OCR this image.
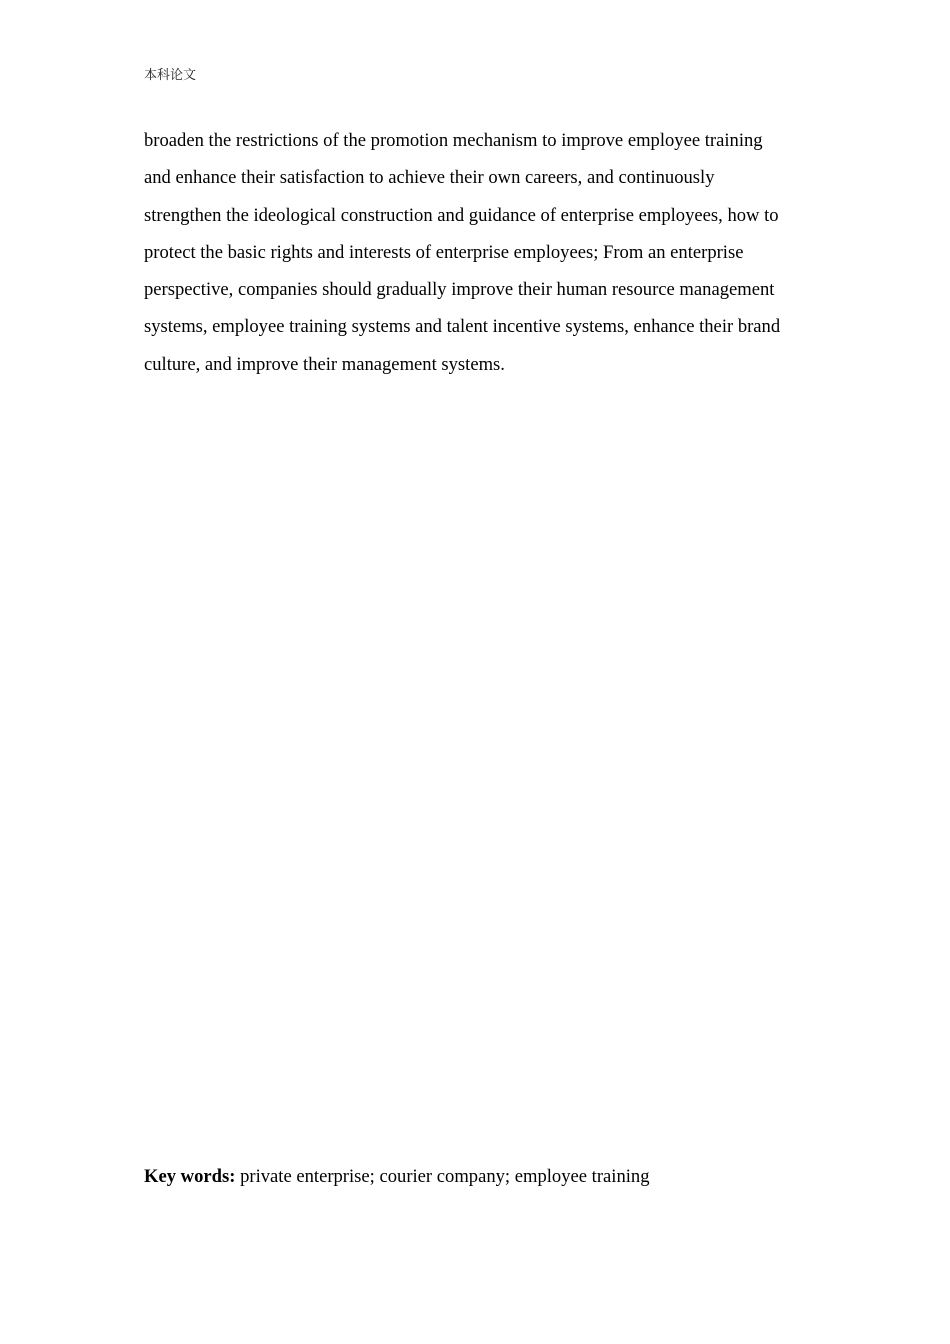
本科论文

broaden the restrictions of the promotion mechanism to improve employee training
and enhance their satisfaction to achieve their own careers, and continuously
strengthen the ideological construction and guidance of enterprise employees, how to
protect the basic rights and interests of enterprise employees; From an enterprise
perspective, companies should gradually improve their human resource management
systems, employee training systems and talent incentive systems, enhance their brand
culture, and improve their management systems.

Key words: private enterprise; courier company; employee training
